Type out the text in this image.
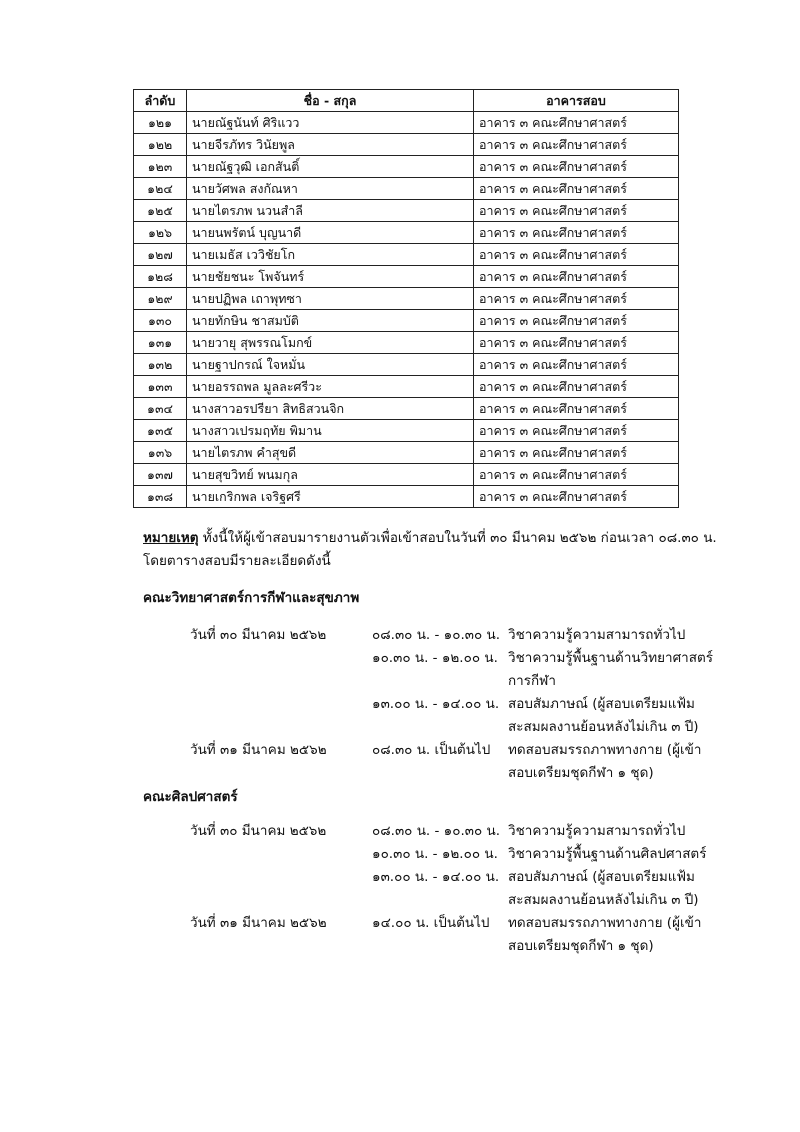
ลำดับ	ชื่อ - สกุล	อาคารสอบ
๑๒๑	นายณัฐนันท์ ศิริแวว	อาคาร ๓ คณะศึกษาศาสตร์
๑๒๒	นายจีรภัทร วินัยพูล	อาคาร ๓ คณะศึกษาศาสตร์
๑๒๓	นายณัฐวุฒิ เอกสันติ์	อาคาร ๓ คณะศึกษาศาสตร์
๑๒๔	นายวัศพล สงกัณหา	อาคาร ๓ คณะศึกษาศาสตร์
๑๒๕	นายไตรภพ นวนสำลี	อาคาร ๓ คณะศึกษาศาสตร์
๑๒๖	นายนพรัตน์ บุญนาดี	อาคาร ๓ คณะศึกษาศาสตร์
๑๒๗	นายเมธัส เววิชัยโก	อาคาร ๓ คณะศึกษาศาสตร์
๑๒๘	นายชัยชนะ โพจันทร์	อาคาร ๓ คณะศึกษาศาสตร์
๑๒๙	นายปฏิพล เถาพุทซา	อาคาร ๓ คณะศึกษาศาสตร์
๑๓๐	นายทักษิน ชาสมบัติ	อาคาร ๓ คณะศึกษาศาสตร์
๑๓๑	นายวายุ สุพรรณโมกข์	อาคาร ๓ คณะศึกษาศาสตร์
๑๓๒	นายฐาปกรณ์ ใจหมั่น	อาคาร ๓ คณะศึกษาศาสตร์
๑๓๓	นายอรรถพล มูลละศรีวะ	อาคาร ๓ คณะศึกษาศาสตร์
๑๓๔	นางสาวอรปรียา สิทธิสวนจิก	อาคาร ๓ คณะศึกษาศาสตร์
๑๓๕	นางสาวเปรมฤทัย พิมาน	อาคาร ๓ คณะศึกษาศาสตร์
๑๓๖	นายไตรภพ คำสุขดี	อาคาร ๓ คณะศึกษาศาสตร์
๑๓๗	นายสุขวิทย์ พนมกุล	อาคาร ๓ คณะศึกษาศาสตร์
๑๓๘	นายเกริกพล เจริฐศรี	อาคาร ๓ คณะศึกษาศาสตร์
หมายเหตุ ทั้งนี้ให้ผู้เข้าสอบมารายงานตัวเพื่อเข้าสอบในวันที่ ๓๐ มีนาคม ๒๕๖๒ ก่อนเวลา ๐๘.๓๐ น.
โดยตารางสอบมีรายละเอียดดังนี้
คณะวิทยาศาสตร์การกีฬาและสุขภาพ
วันที่ ๓๐ มีนาคม ๒๕๖๒	๐๘.๓๐ น. - ๑๐.๓๐ น. วิชาความรู้ความสามารถทั่วไป
๑๐.๓๐ น. - ๑๒.๐๐ น. วิชาความรู้พื้นฐานด้านวิทยาศาสตร์การกีฬา
๑๓.๐๐ น. - ๑๔.๐๐ น. สอบสัมภาษณ์ (ผู้สอบเตรียมแฟ้มสะสมผลงานย้อนหลังไม่เกิน ๓ ปี)
วันที่ ๓๑ มีนาคม ๒๕๖๒	๐๘.๓๐ น. เป็นต้นไป ทดสอบสมรรถภาพทางกาย (ผู้เข้าสอบเตรียมชุดกีฬา ๑ ชุด)
คณะศิลปศาสตร์
วันที่ ๓๐ มีนาคม ๒๕๖๒	๐๘.๓๐ น. - ๑๐.๓๐ น. วิชาความรู้ความสามารถทั่วไป
๑๐.๓๐ น. - ๑๒.๐๐ น. วิชาความรู้พื้นฐานด้านศิลปศาสตร์
๑๓.๐๐ น. - ๑๔.๐๐ น. สอบสัมภาษณ์ (ผู้สอบเตรียมแฟ้มสะสมผลงานย้อนหลังไม่เกิน ๓ ปี)
วันที่ ๓๑ มีนาคม ๒๕๖๒	๑๔.๐๐ น. เป็นต้นไป ทดสอบสมรรถภาพทางกาย (ผู้เข้าสอบเตรียมชุดกีฬา ๑ ชุด)
